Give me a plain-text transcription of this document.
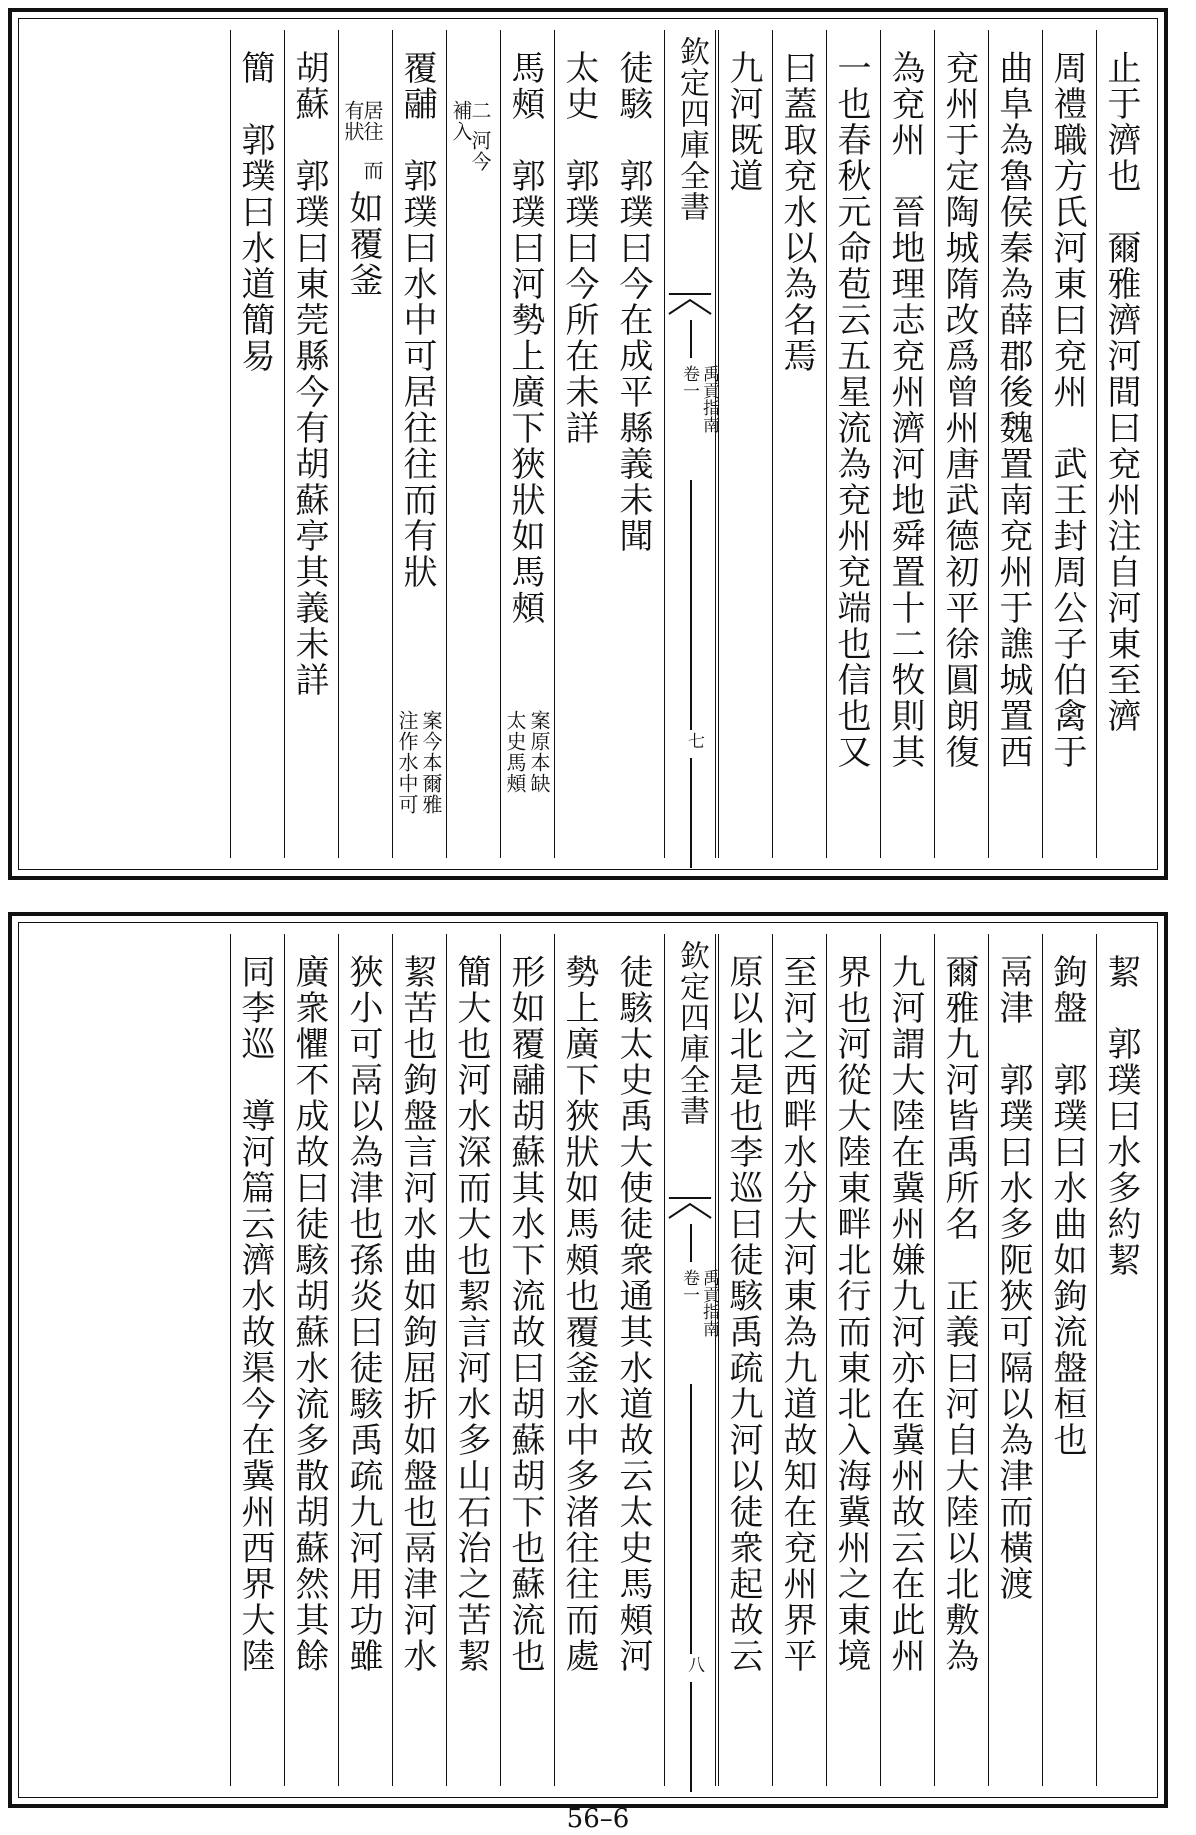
止于濟也　爾雅濟河間曰兗州注自河東至濟
周禮職方氏河東曰兗州　武王封周公子伯禽于
曲阜為魯侯秦為薛郡後魏置南兗州于譙城置西
兗州于定陶城隋改爲曾州唐武德初平徐圓朗復
為兗州　晉地理志兗州濟河地舜置十二牧則其
一也春秋元命苞云五星流為兗州兗端也信也又
曰蓋取兗水以為名焉
九河既道
欽定四庫全書
禹貢指南
卷一
七
徒駭　郭璞曰今在成平縣義未聞
太史　郭璞曰今所在未詳
馬頰　郭璞曰河勢上廣下狹狀如馬頰
案原本缺
太史馬頰
二
河今
補入
覆鬴　郭璞曰水中可居往往而有狀
案今本爾雅
注作水中可
居往
而
有狀
如覆釜
胡蘇　郭璞曰東莞縣今有胡蘇亭其義未詳
簡　郭璞曰水道簡易
絜　郭璞曰水多約絜
鉤盤　郭璞曰水曲如鉤流盤桓也
鬲津　郭璞曰水多阨狹可隔以為津而橫渡
爾雅九河皆禹所名　正義曰河自大陸以北敷為
九河謂大陸在冀州嫌九河亦在冀州故云在此州
界也河從大陸東畔北行而東北入海冀州之東境
至河之西畔水分大河東為九道故知在兗州界平
原以北是也李巡曰徒駭禹疏九河以徒衆起故云
欽定四庫全書
禹貢指南
卷一
八
徒駭太史禹大使徒衆通其水道故云太史馬頰河
勢上廣下狹狀如馬頰也覆釜水中多渚往往而處
形如覆鬴胡蘇其水下流故曰胡蘇胡下也蘇流也
簡大也河水深而大也絜言河水多山石治之苦絜
絜苦也鉤盤言河水曲如鉤屈折如盤也鬲津河水
狹小可鬲以為津也孫炎曰徒駭禹疏九河用功雖
廣衆懼不成故曰徒駭胡蘇水流多散胡蘇然其餘
同李巡　導河篇云濟水故渠今在冀州西界大陸
56–6
